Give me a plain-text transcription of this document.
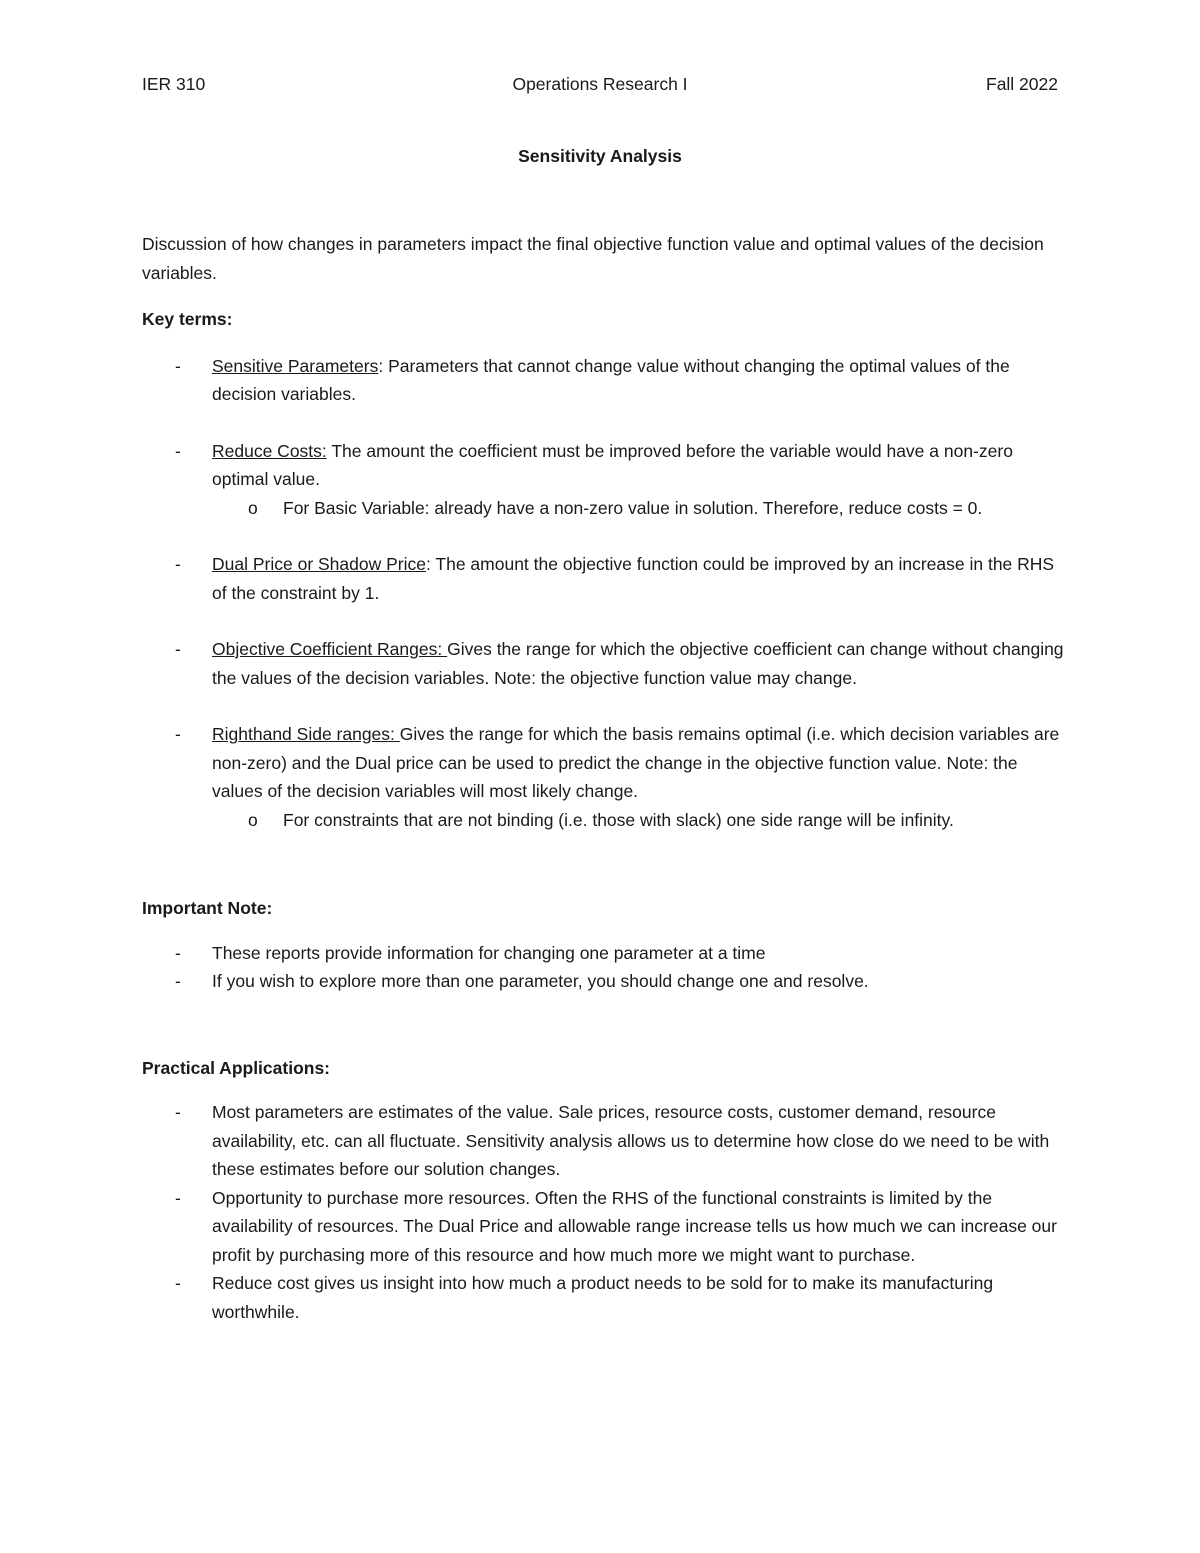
IER 310	Operations Research I	Fall 2022
Sensitivity Analysis

Discussion of how changes in parameters impact the final objective function value and optimal values of the decision variables.

Key terms:

- Sensitive Parameters: Parameters that cannot change value without changing the optimal values of the decision variables.
- Reduce Costs: The amount the coefficient must be improved before the variable would have a non-zero optimal value.
o For Basic Variable: already have a non-zero value in solution. Therefore, reduce costs = 0.
- Dual Price or Shadow Price: The amount the objective function could be improved by an increase in the RHS of the constraint by 1.
- Objective Coefficient Ranges: Gives the range for which the objective coefficient can change without changing the values of the decision variables. Note: the objective function value may change.
- Righthand Side ranges: Gives the range for which the basis remains optimal (i.e. which decision variables are non-zero) and the Dual price can be used to predict the change in the objective function value. Note: the values of the decision variables will most likely change.
o For constraints that are not binding (i.e. those with slack) one side range will be infinity.

Important Note:

- These reports provide information for changing one parameter at a time
- If you wish to explore more than one parameter, you should change one and resolve.

Practical Applications:

- Most parameters are estimates of the value. Sale prices, resource costs, customer demand, resource availability, etc. can all fluctuate. Sensitivity analysis allows us to determine how close do we need to be with these estimates before our solution changes.
- Opportunity to purchase more resources. Often the RHS of the functional constraints is limited by the availability of resources. The Dual Price and allowable range increase tells us how much we can increase our profit by purchasing more of this resource and how much more we might want to purchase.
- Reduce cost gives us insight into how much a product needs to be sold for to make its manufacturing worthwhile.
